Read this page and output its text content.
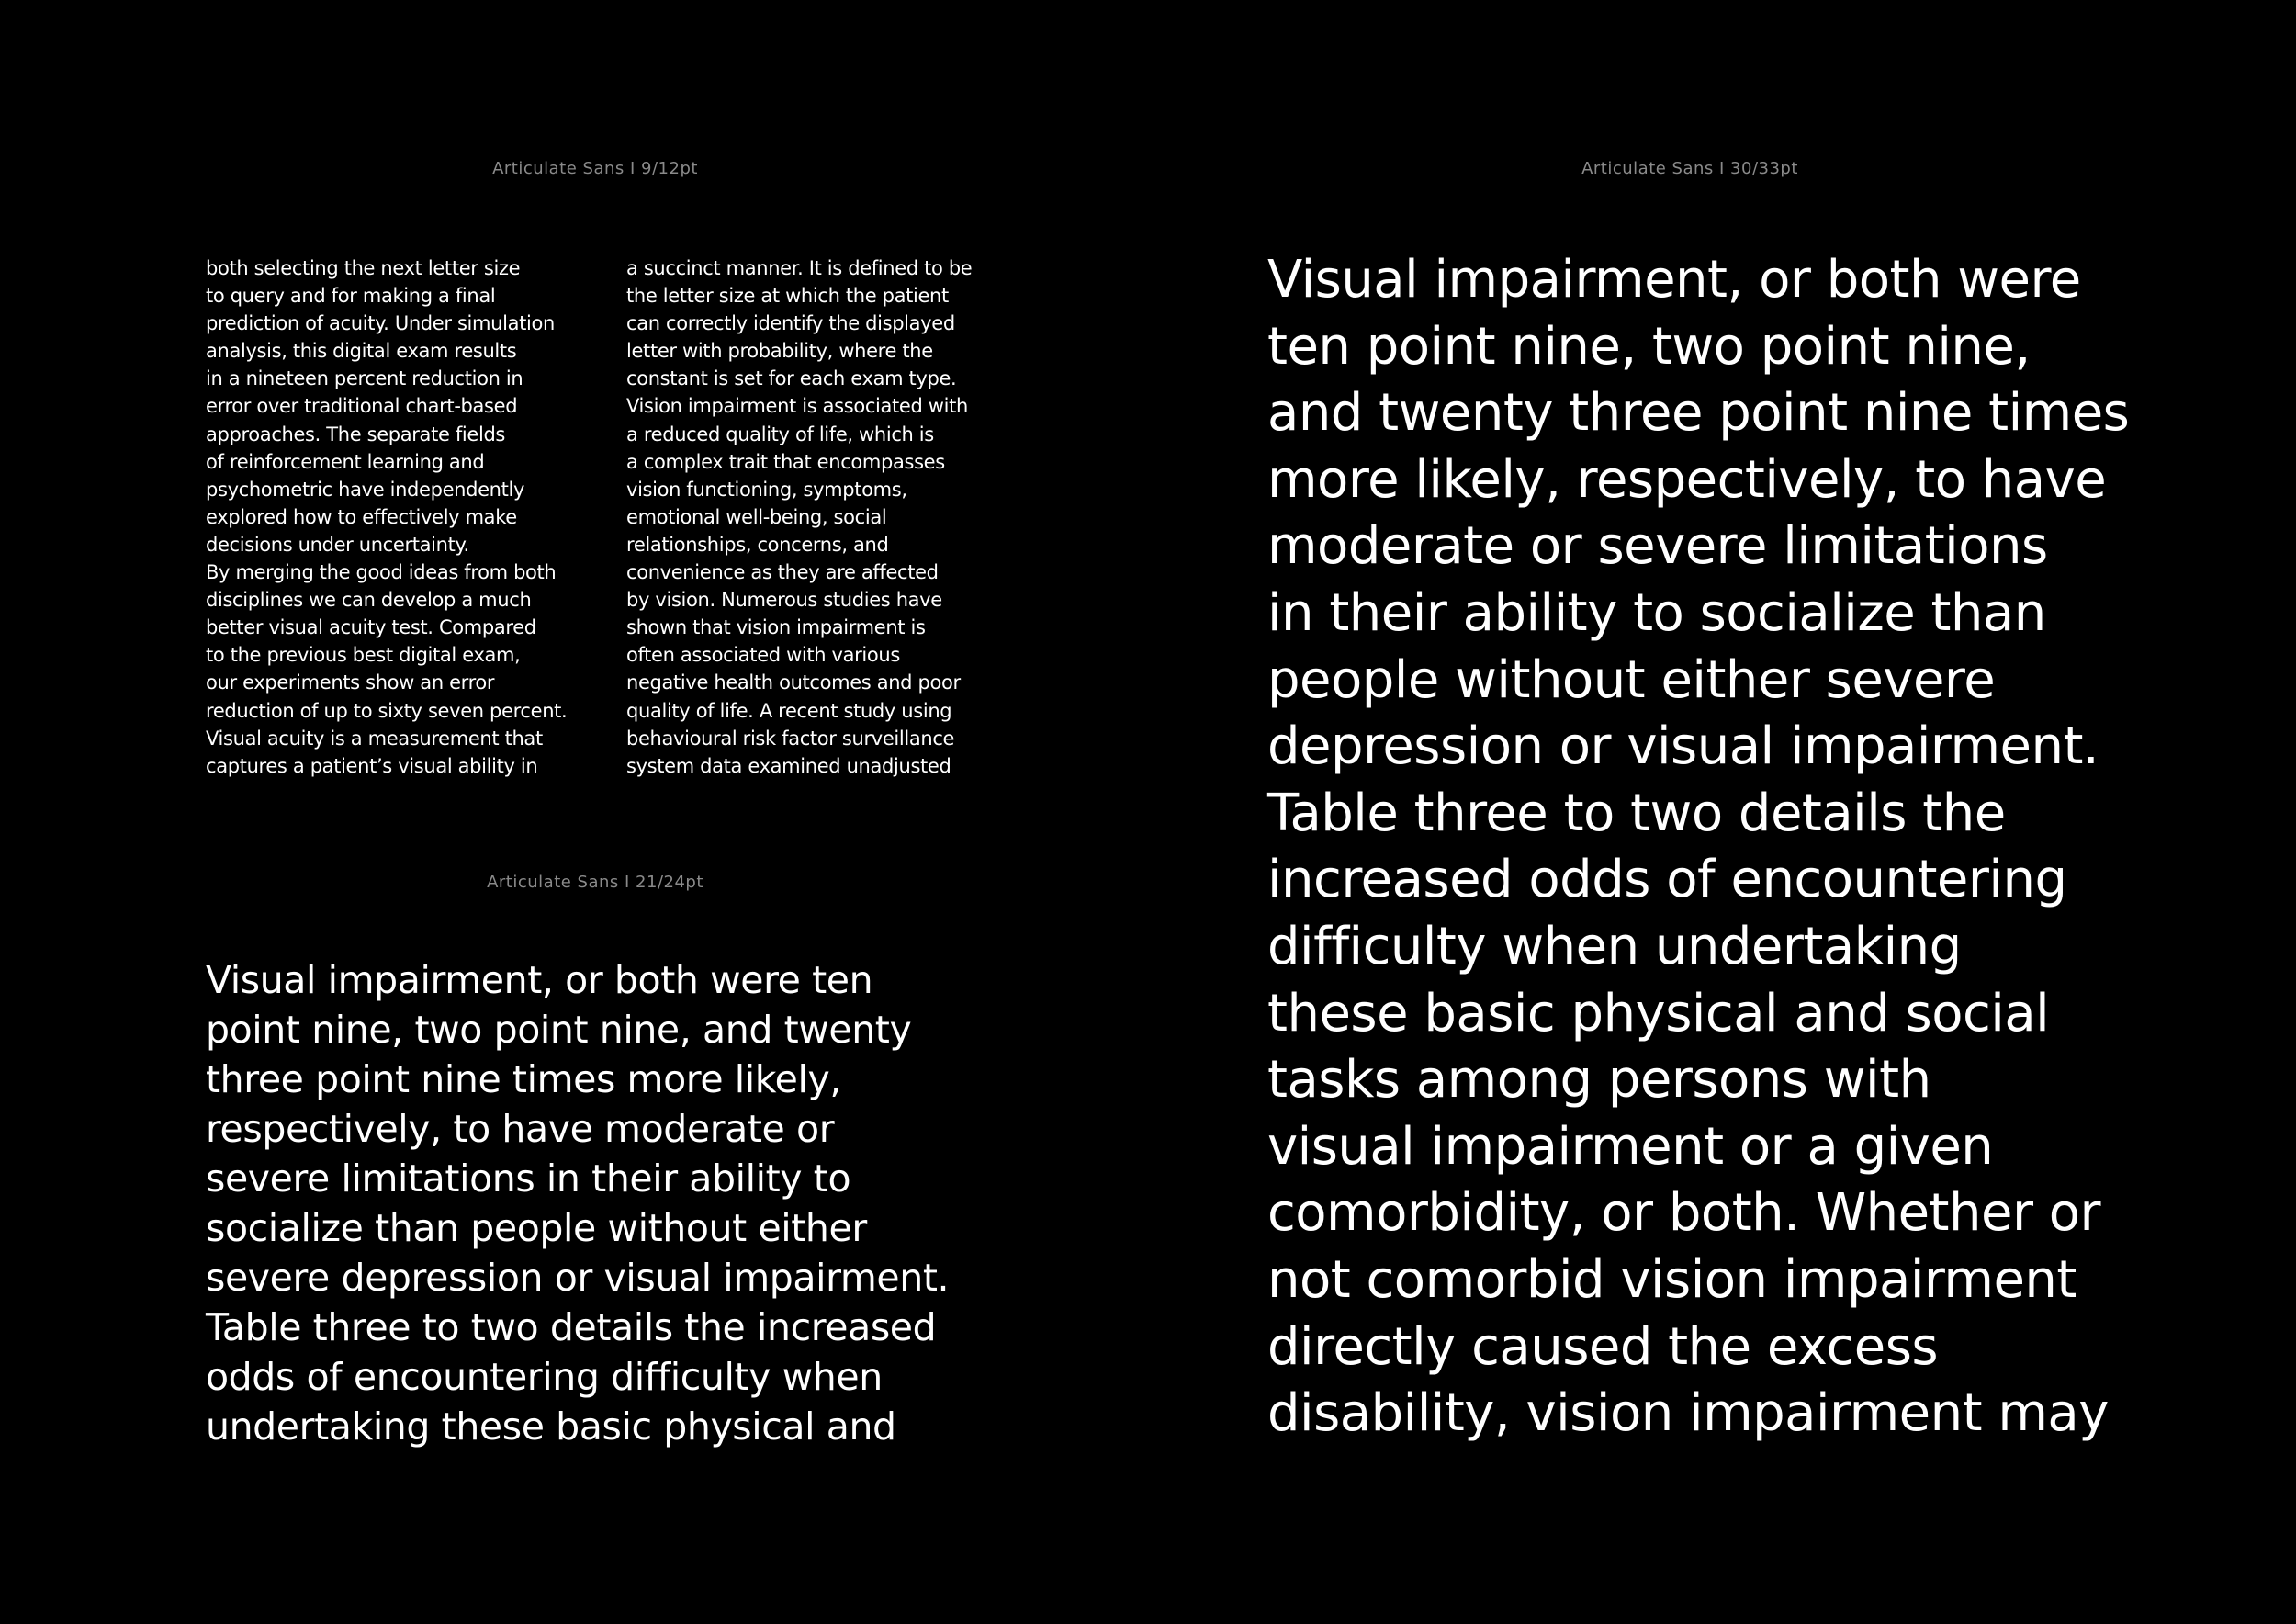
Articulate Sans I 9/12pt
both selecting the next letter size
to query and for making a final
prediction of acuity. Under simulation
analysis, this digital exam results
in a nineteen percent reduction in
error over traditional chart-based
approaches. The separate fields
of reinforcement learning and
psychometric have independently
explored how to effectively make
decisions under uncertainty.
By merging the good ideas from both
disciplines we can develop a much
better visual acuity test. Compared
to the previous best digital exam,
our experiments show an error
reduction of up to sixty seven percent.
Visual acuity is a measurement that
captures a patient’s visual ability in
a succinct manner. It is defined to be
the letter size at which the patient
can correctly identify the displayed
letter with probability, where the
constant is set for each exam type.
Vision impairment is associated with
a reduced quality of life, which is
a complex trait that encompasses
vision functioning, symptoms,
emotional well-being, social
relationships, concerns, and
convenience as they are affected
by vision. Numerous studies have
shown that vision impairment is
often associated with various
negative health outcomes and poor
quality of life. A recent study using
behavioural risk factor surveillance
system data examined unadjusted
Articulate Sans I 21/24pt
Visual impairment, or both were ten
point nine, two point nine, and twenty
three point nine times more likely,
respectively, to have moderate or
severe limitations in their ability to
socialize than people without either
severe depression or visual impairment.
Table three to two details the increased
odds of encountering difficulty when
undertaking these basic physical and
Articulate Sans I 30/33pt
Visual impairment, or both were
ten point nine, two point nine,
and twenty three point nine times
more likely, respectively, to have
moderate or severe limitations
in their ability to socialize than
people without either severe
depression or visual impairment.
Table three to two details the
increased odds of encountering
difficulty when undertaking
these basic physical and social
tasks among persons with
visual impairment or a given
comorbidity, or both. Whether or
not comorbid vision impairment
directly caused the excess
disability, vision impairment may
